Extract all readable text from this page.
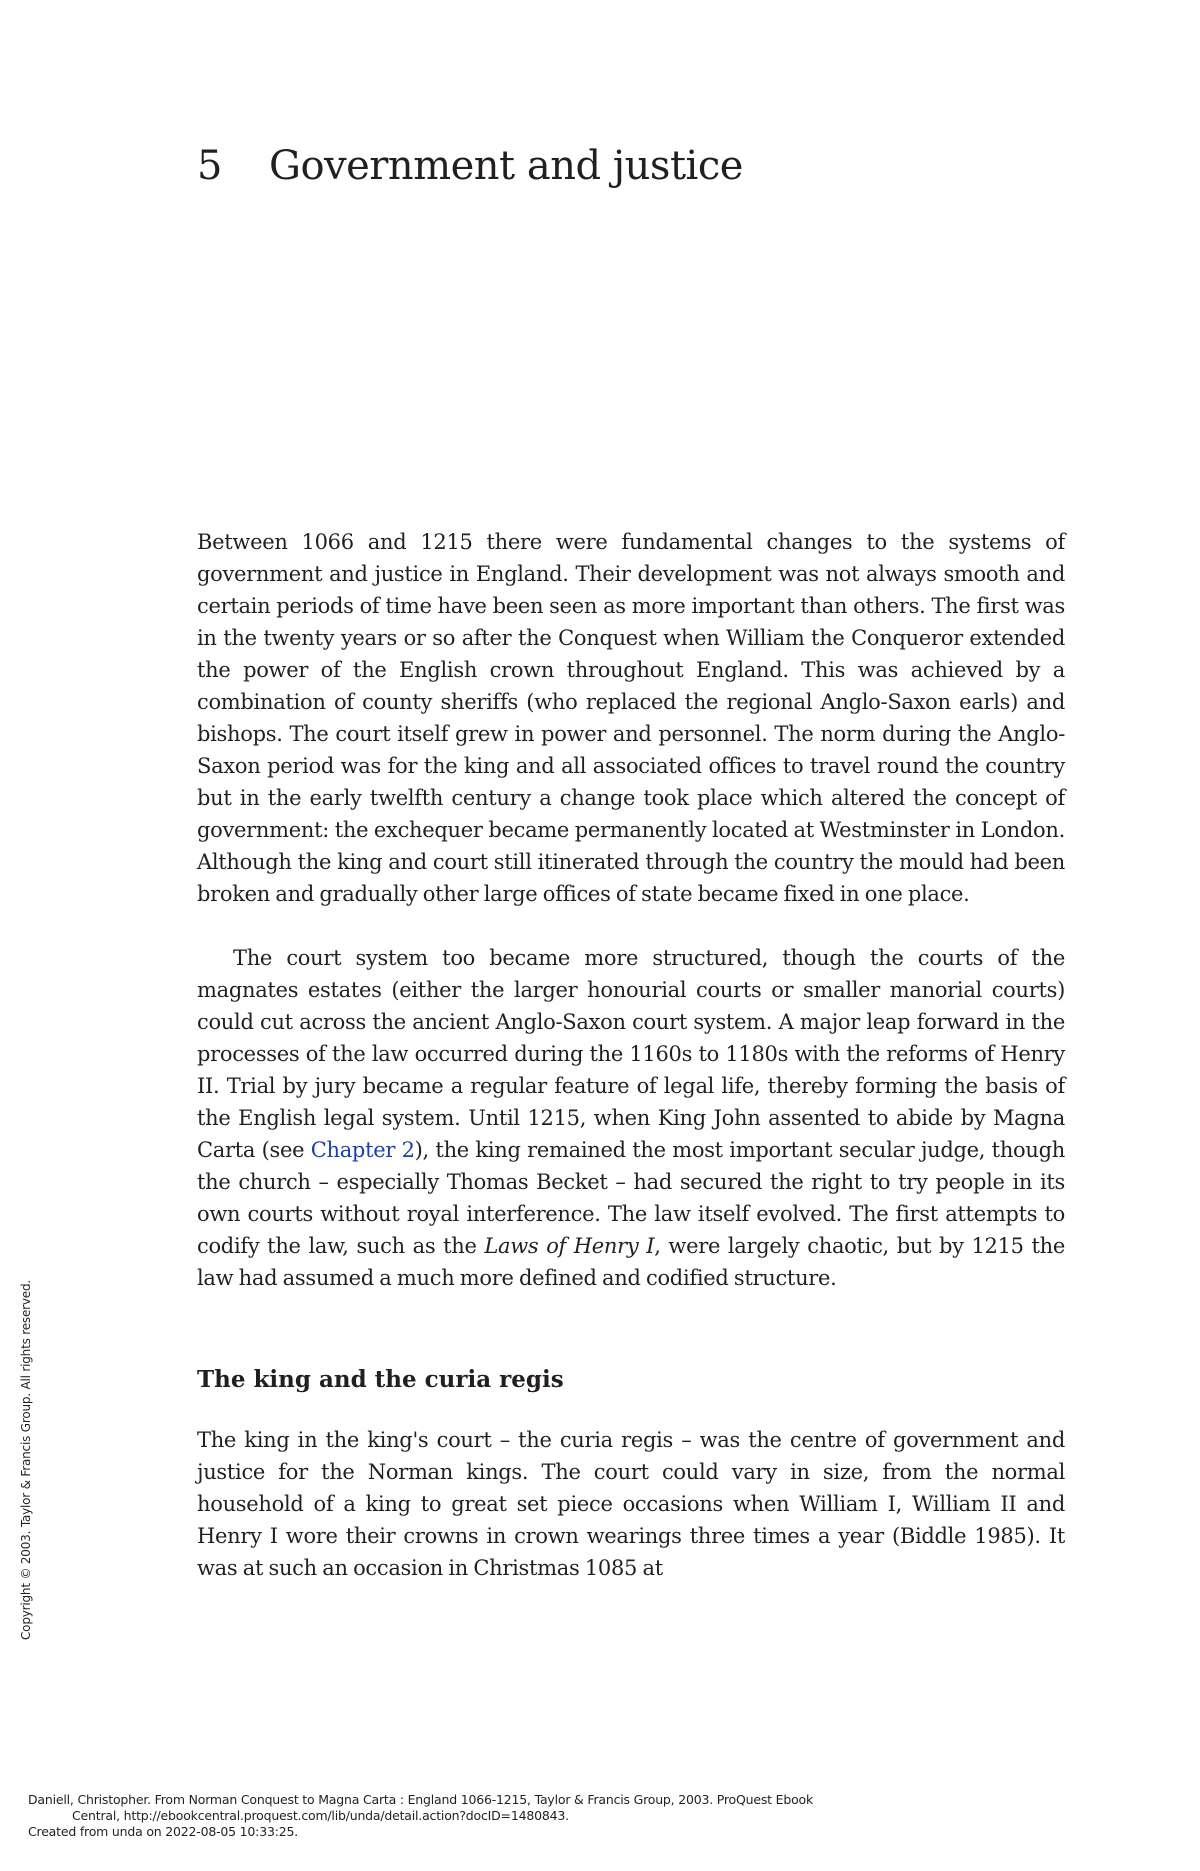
5 Government and justice

Between 1066 and 1215 there were fundamental changes to the systems of government and justice in England. Their development was not always smooth and certain periods of time have been seen as more important than others. The first was in the twenty years or so after the Conquest when William the Conqueror extended the power of the English crown throughout England. This was achieved by a combination of county sheriffs (who replaced the regional Anglo-Saxon earls) and bishops. The court itself grew in power and personnel. The norm during the Anglo-Saxon period was for the king and all associated offices to travel round the country but in the early twelfth century a change took place which altered the concept of government: the exchequer became permanently located at Westminster in London. Although the king and court still itinerated through the country the mould had been broken and gradually other large offices of state became fixed in one place.

The court system too became more structured, though the courts of the magnates estates (either the larger honourial courts or smaller manorial courts) could cut across the ancient Anglo-Saxon court system. A major leap forward in the processes of the law occurred during the 1160s to 1180s with the reforms of Henry II. Trial by jury became a regular feature of legal life, thereby forming the basis of the English legal system. Until 1215, when King John assented to abide by Magna Carta (see Chapter 2), the king remained the most important secular judge, though the church – especially Thomas Becket – had secured the right to try people in its own courts without royal interference. The law itself evolved. The first attempts to codify the law, such as the Laws of Henry I, were largely chaotic, but by 1215 the law had assumed a much more defined and codified structure.

The king and the curia regis

The king in the king's court – the curia regis – was the centre of government and justice for the Norman kings. The court could vary in size, from the normal household of a king to great set piece occasions when William I, William II and Henry I wore their crowns in crown wearings three times a year (Biddle 1985). It was at such an occasion in Christmas 1085 at

Copyright © 2003. Taylor & Francis Group. All rights reserved.
Daniell, Christopher. From Norman Conquest to Magna Carta : England 1066-1215, Taylor & Francis Group, 2003. ProQuest Ebook
Central, http://ebookcentral.proquest.com/lib/unda/detail.action?docID=1480843.
Created from unda on 2022-08-05 10:33:25.
